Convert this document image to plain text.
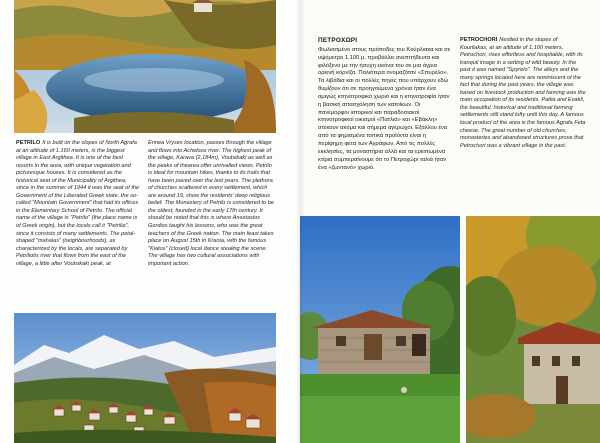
PETRILO It is built on the slopes of North Agrafa at an altitude of 1.160 meters, is the biggest village in East Argithea. It is one of the best resorts in the area, with unique vegetation and picturesque houses. It is considered as the historical seat of the Municipality of Argithea, since in the summer of 1944 it was the seat of the Government of the Liberated Greek state, the so-called "Mountain Government" that had its offices in the Elementary School of Petrilo. The official name of the village is "Petrilo" (the place name is of Greek origin), but the locals call it "Petrilia", since it consists of many settlements. The petal-shaped "mahalas" (neighbourhoods), as characterized by the locals, are separated by Petriliotis river that flows from the east of the village, a little after Voutsikaki peak, at
Ennea Vryses location, passes through the village and flows into Acheloos river. The highest peak of the village, Karava (2,184m), Voutsikaki as well as the peaks of thearea offer unrivalled views. Petrilo is ideal for mountain hikes, thanks to its trails that have been paved over the last years. The plethora of churches scattered in every settlement, which are around 19, show the residents' deep religious belief. The Monastery of Petrilo is considered to be the oldest, founded in the early 17th century. It should be noted that this is where Anastasios Gordios taught his lessons, who was the great teachers of the Greek nation. The main feast takes place on August 15th in Krania, with the famous "Kiatos" (closed) local dance stealing the scene. The village has two cultural associations with important action.
ΠΕΤΡΟΧΩΡΙ
Φωλιασμένο στους πρόποδες του Κούρλιακα και σε υψόμετρο 1.100 μ. προβάλλει ανεπιτήδευτα και φιλόξενο με την ήσυχη εικόνα του σε μια άγρια ορεινή κορνίζα. Παλιότερα ονομαζόταν «Σπυρέλο». Τα λιβάδια και οι πολλές πηγές που υπάρχουν εδώ θυμίζουν ότι σε προηγούμενα χρόνια ήταν ένα αμιγώς κτηνοτροφικό χωριό και η κτηνοτροφία ήταν η βασική απασχόληση των κατοίκων. Οι πανέμορφοι ιστορικοί και παραδοσιακοί κτηνοτροφικοί οικισμοί «Πατλιά» και «Εβάκλη» στέκουν ακόμα και σήμερα αγέρωχοι. Εξάλλου ένα από τα φημισμένα τοπικά προϊόντα είναι η περίφημη φέτα των Αγράφων. Από τις πολλές εκκλησίες, τα μοναστήρια αλλά και τα ερειπωμένα κτίρια συμπεραίνουμε ότι το Πετροχώρι ταλιά ήταν ένα «ζωντανό» χωριό.
PETROCHORI Nestled in the slopes of Kourliakas, at an altitude of 1,100 meters, Petrochori, rises effortless and hospitable, with its tranquil image in a setting of wild beauty. In the past it was named "Spyrelo". The alleys and the many springs located here are reminiscent of the fact that during the past years, the village was based on livestock production and farming was the main occupation of its residents. Patlia and Evakli, the beautiful, historical and traditional farming settlements still stand lofty until this day. A famous local product of the area is the famous Agrafa Feta cheese. The great number of old churches, monasteries and abandoned structures prove that Petrochori was a vibrant village in the past.
